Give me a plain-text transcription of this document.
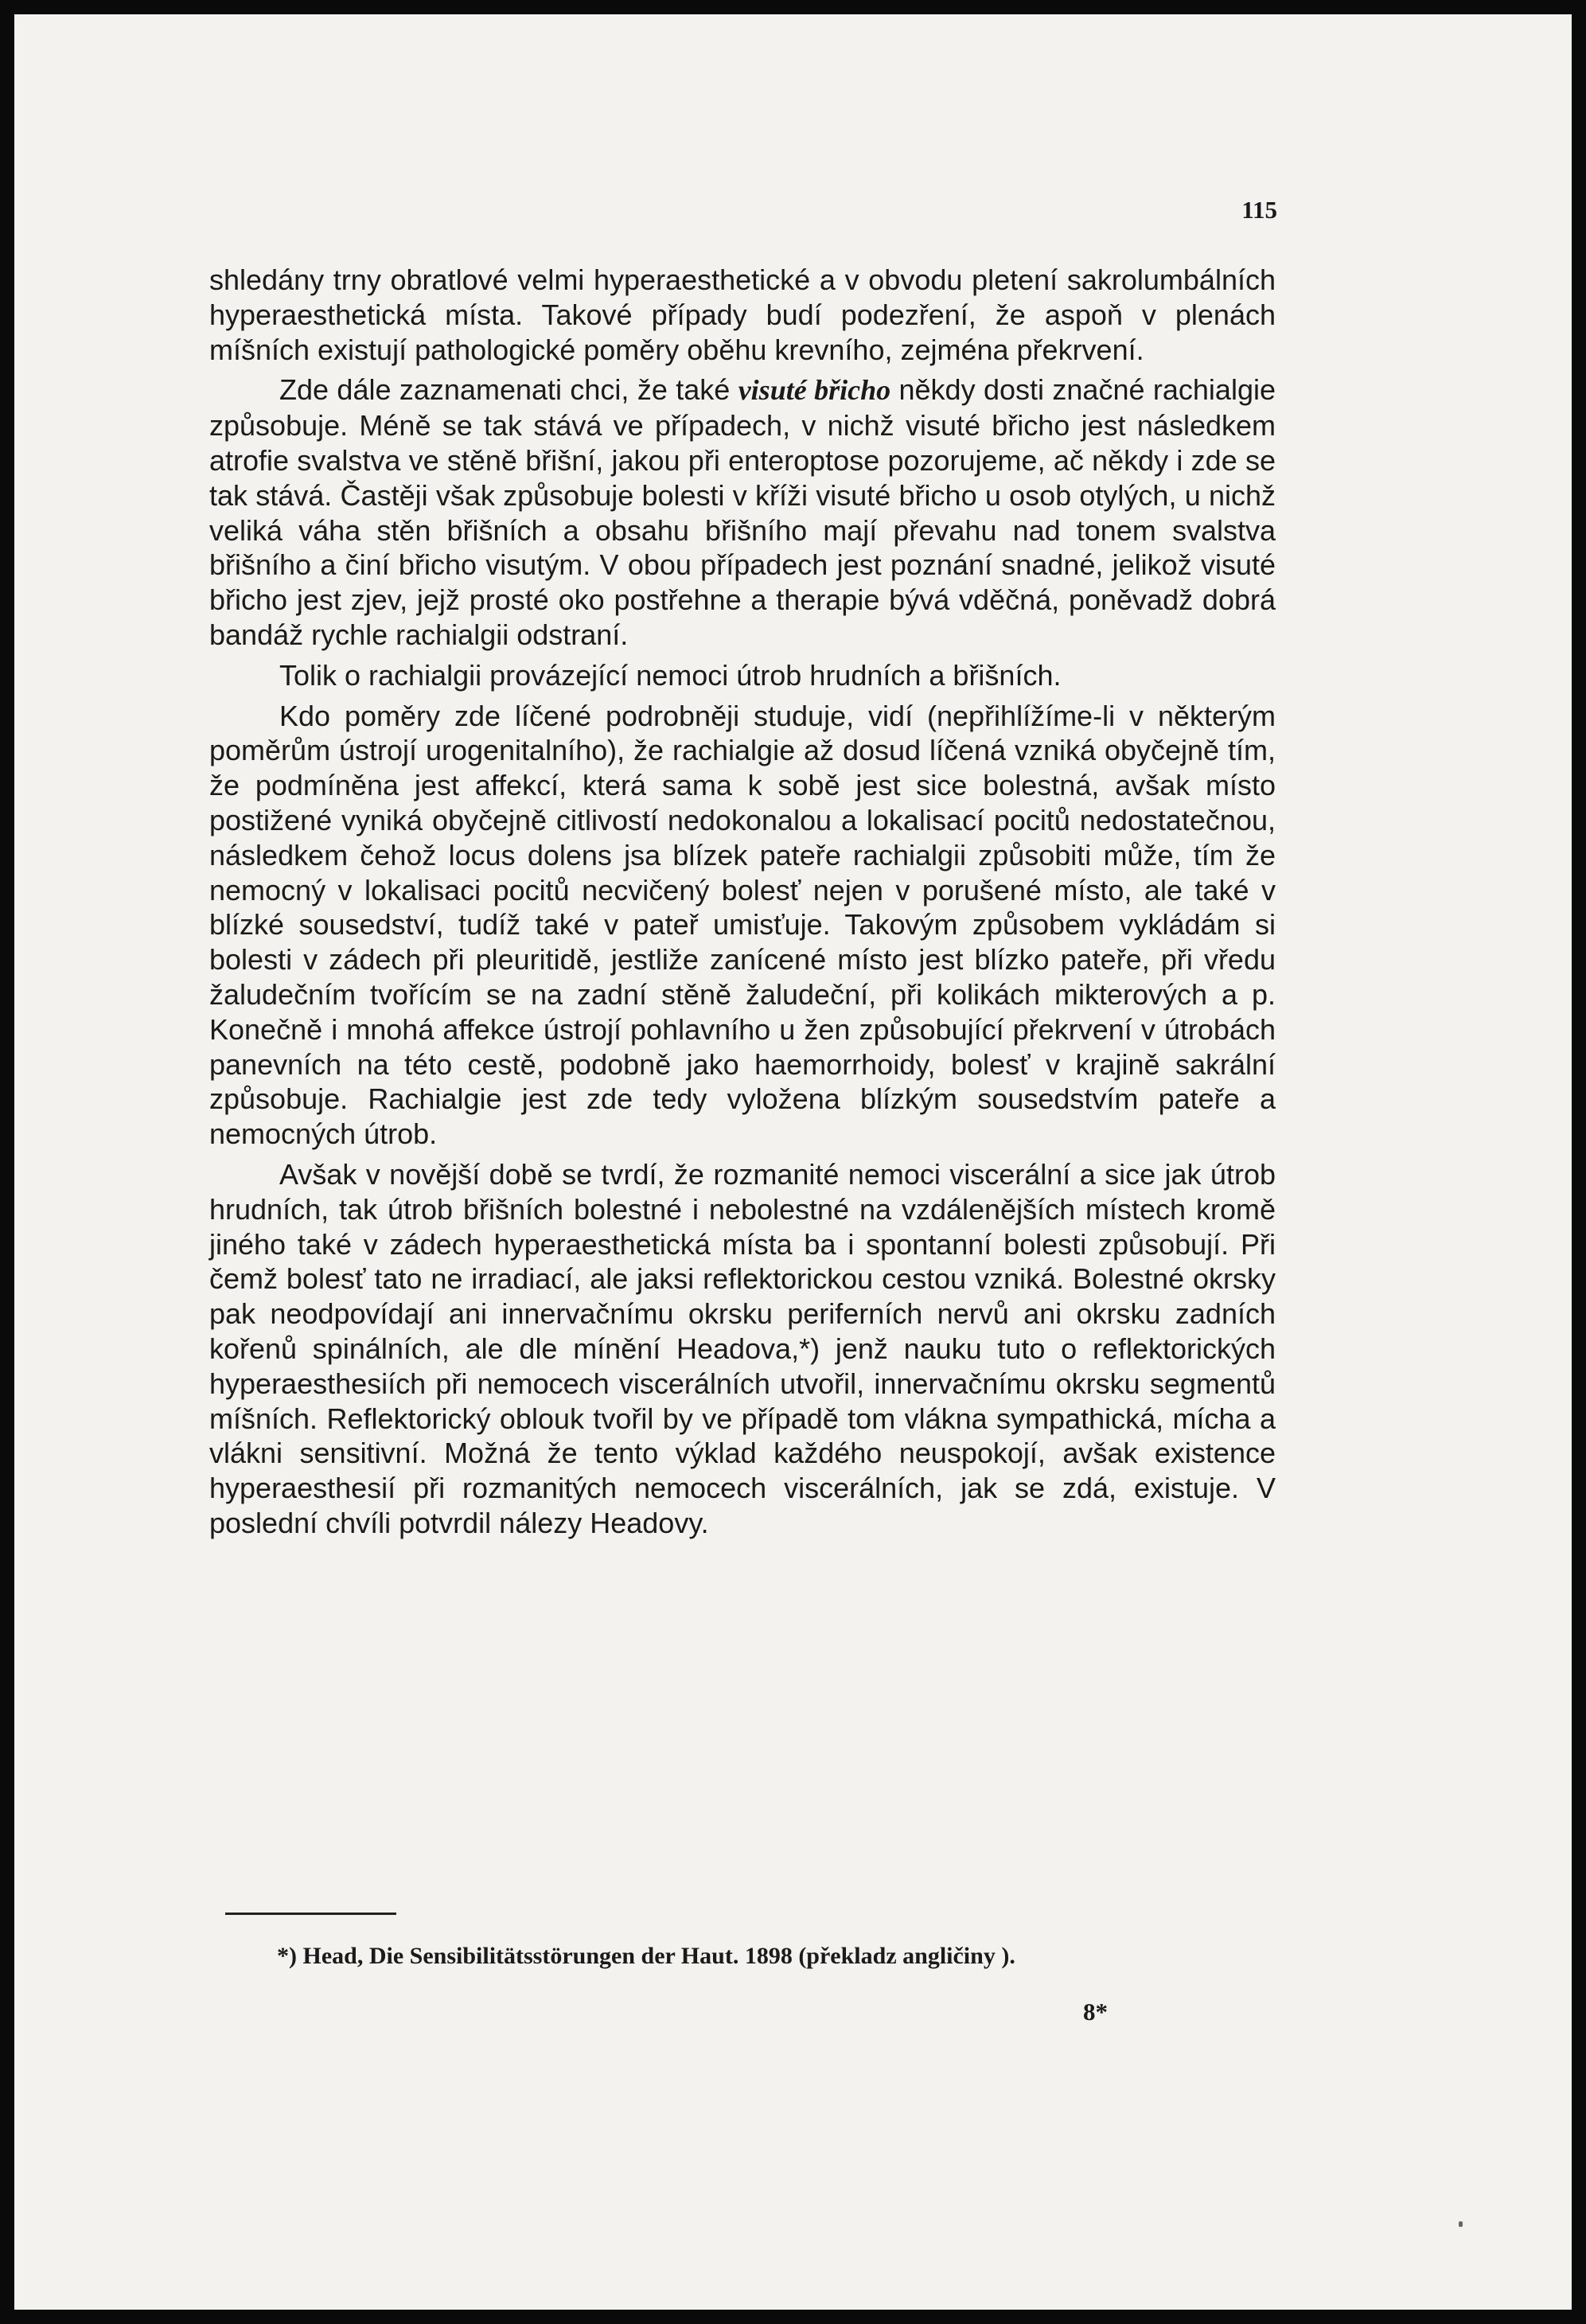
115

shledány trny obratlové velmi hyperaesthetické a v obvodu pletení sakrolumbálních hyperaesthetická místa. Takové případy budí podezření, že aspoň v plenách míšních existují pathologické poměry oběhu krevního, zejména překrvení.

Zde dále zaznamenati chci, že také visuté břicho někdy dosti značné rachialgie způsobuje. Méně se tak stává ve případech, v nichž visuté břicho jest následkem atrofie svalstva ve stěně břišní, jakou při enteroptose pozorujeme, ač někdy i zde se tak stává. Častěji však způsobuje bolesti v kříži visuté břicho u osob otylých, u nichž veliká váha stěn břišních a obsahu břišního mají převahu nad tonem svalstva břišního a činí břicho visutým. V obou případech jest poznání snadné, jelikož visuté břicho jest zjev, jejž prosté oko postřehne a therapie bývá vděčná, poněvadž dobrá bandáž rychle rachialgii odstraní.

Tolik o rachialgii provázející nemoci útrob hrudních a břišních.

Kdo poměry zde líčené podrobněji studuje, vidí (nepřihlížíme-li v některým poměrům ústrojí urogenitalního), že rachialgie až dosud líčená vzniká obyčejně tím, že podmíněna jest affekcí, která sama k sobě jest sice bolestná, avšak místo postižené vyniká obyčejně citlivostí nedokonalou a lokalisací pocitů nedostatečnou, následkem čehož locus dolens jsa blízek pateře rachialgii způsobiti může, tím že nemocný v lokalisaci pocitů necvičený bolesť nejen v porušené místo, ale také v blízké sousedství, tudíž také v pateř umisťuje. Takovým způsobem vykládám si bolesti v zádech při pleuritidě, jestliže zanícené místo jest blízko pateře, při vředu žaludečním tvořícím se na zadní stěně žaludeční, při kolikách mikterových a p. Konečně i mnohá affekce ústrojí pohlavního u žen způsobující překrvení v útrobách panevních na této cestě, podobně jako haemorrhoidy, bolesť v krajině sakrální způsobuje. Rachialgie jest zde tedy vyložena blízkým sousedstvím pateře a nemocných útrob.

Avšak v novější době se tvrdí, že rozmanité nemoci viscerální a sice jak útrob hrudních, tak útrob břišních bolestné i nebolestné na vzdálenějších místech kromě jiného také v zádech hyperaesthetická místa ba i spontanní bolesti způsobují. Při čemž bolesť tato ne irradiací, ale jaksi reflektorickou cestou vzniká. Bolestné okrsky pak neodpovídají ani innervačnímu okrsku periferních nervů ani okrsku zadních kořenů spinálních, ale dle mínění Headova,*) jenž nauku tuto o reflektorických hyperaesthesiích při nemocech viscerálních utvořil, innervačnímu okrsku segmentů míšních. Reflektorický oblouk tvořil by ve případě tom vlákna sympathická, mícha a vlákni sensitivní. Možná že tento výklad každého neuspokojí, avšak existence hyperaesthesií při rozmanitých nemocech viscerálních, jak se zdá, existuje. V poslední chvíli potvrdil nálezy Headovy.

*) Head, Die Sensibilitätsstörungen der Haut. 1898 (překladz angličiny ).
8*
